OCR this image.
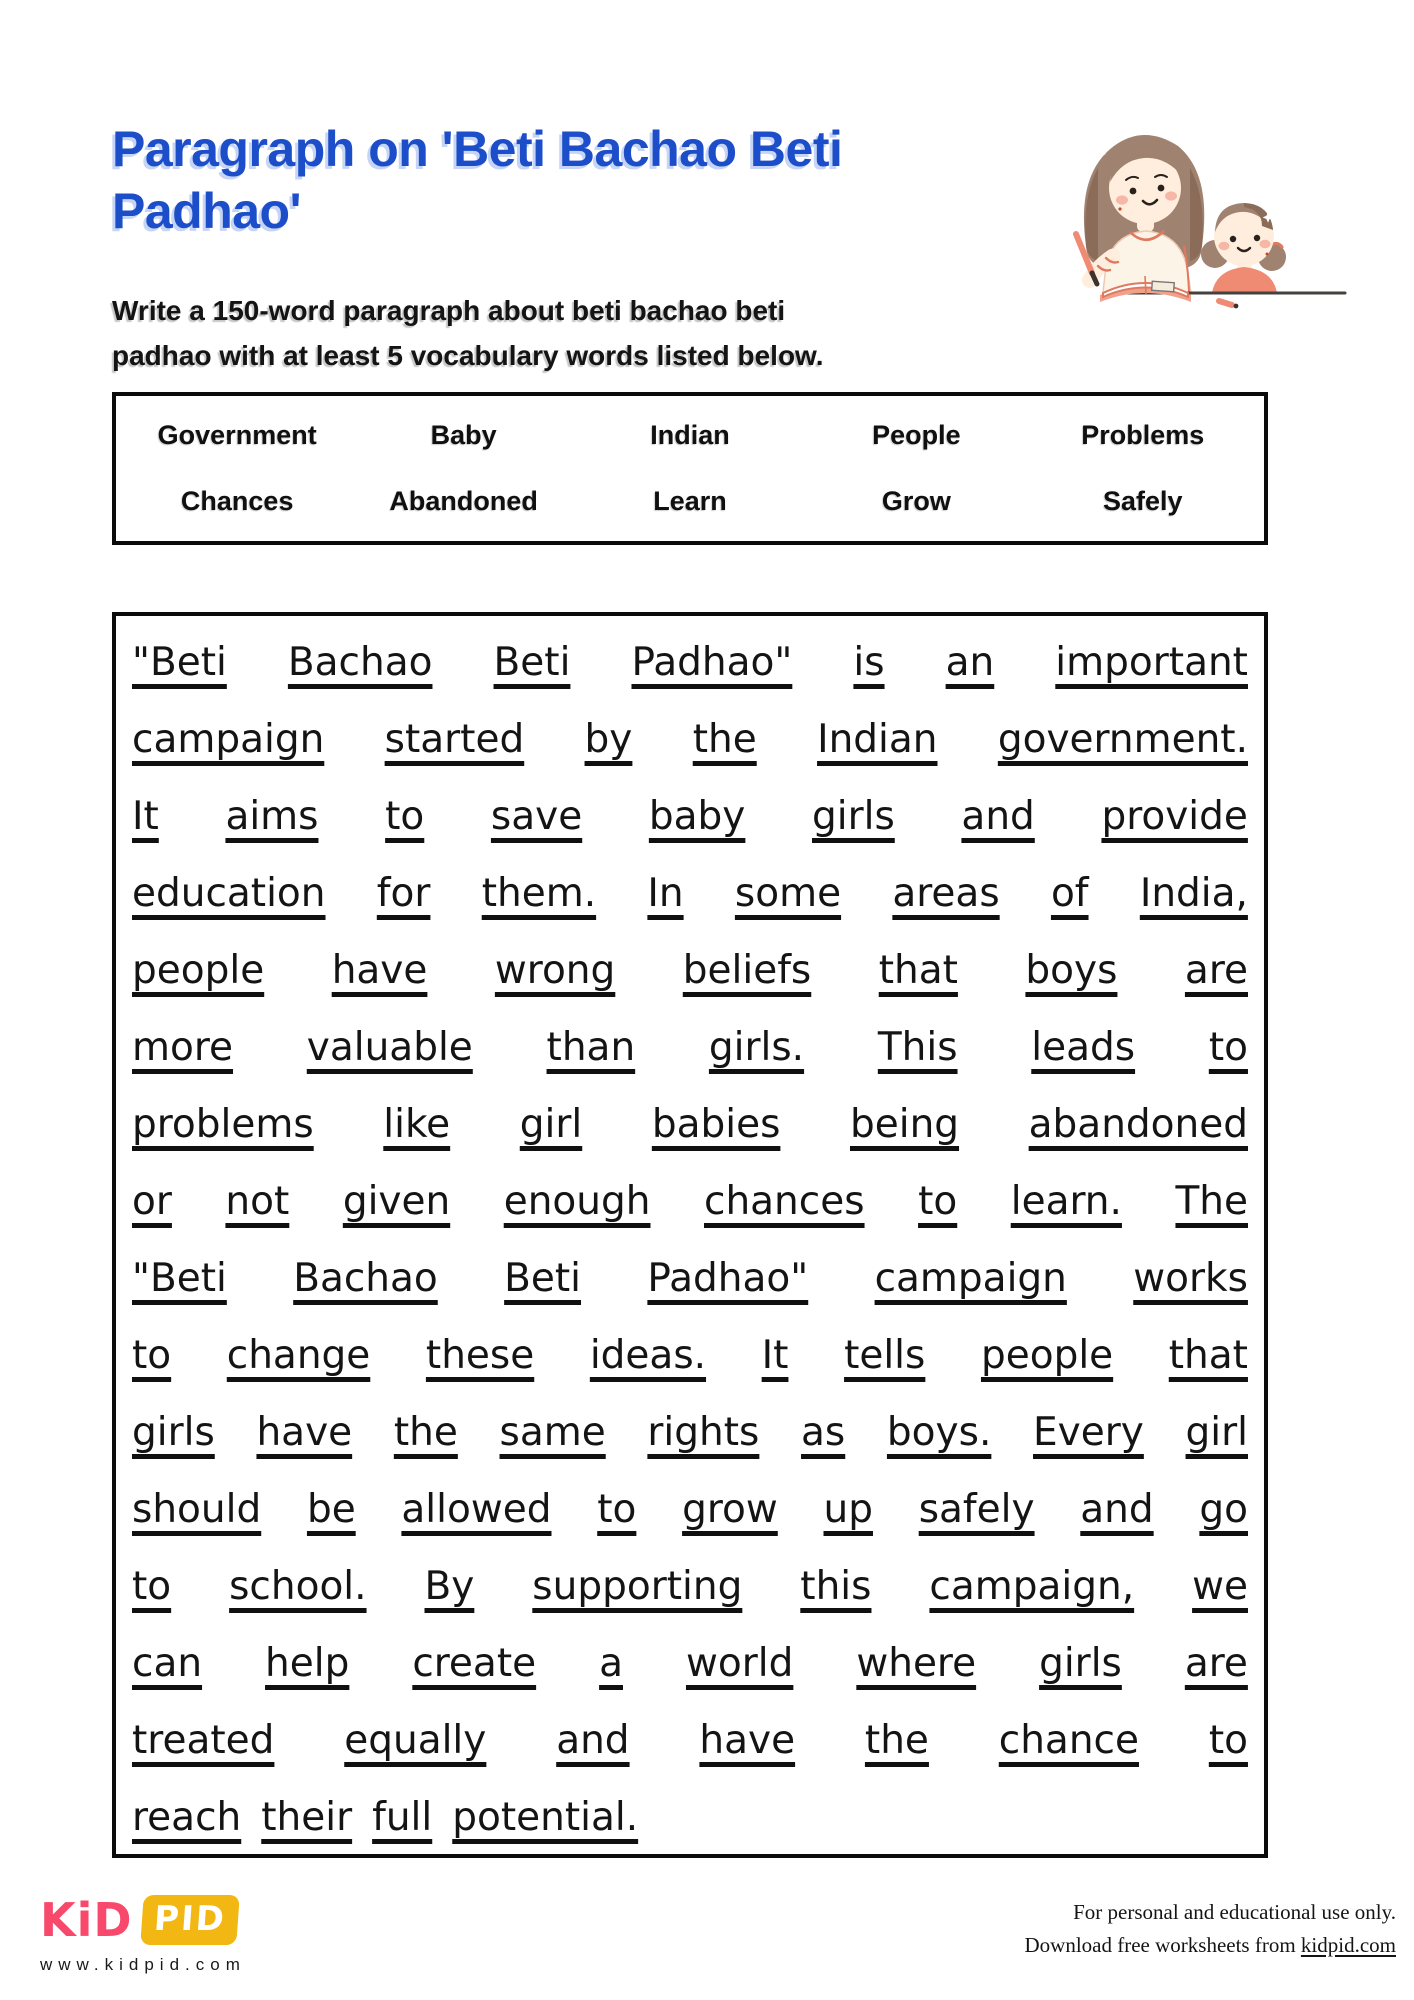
Paragraph on 'Beti Bachao Beti
Padhao'
Write a 150-word paragraph about beti bachao beti
padhao with at least 5 vocabulary words listed below.
Government	Baby	Indian	People	Problems
Chances	Abandoned	Learn	Grow	Safely
"Beti Bachao Beti Padhao" is an important
campaign started by the Indian government.
It aims to save baby girls and provide
education for them. In some areas of India,
people have wrong beliefs that boys are
more valuable than girls. This leads to
problems like girl babies being abandoned
or not given enough chances to learn. The
"Beti Bachao Beti Padhao" campaign works
to change these ideas. It tells people that
girls have the same rights as boys. Every girl
should be allowed to grow up safely and go
to school. By supporting this campaign, we
can help create a world where girls are
treated equally and have the chance to
reach their full potential.
KiD PID
www.kidpid.com
For personal and educational use only.
Download free worksheets from kidpid.com
